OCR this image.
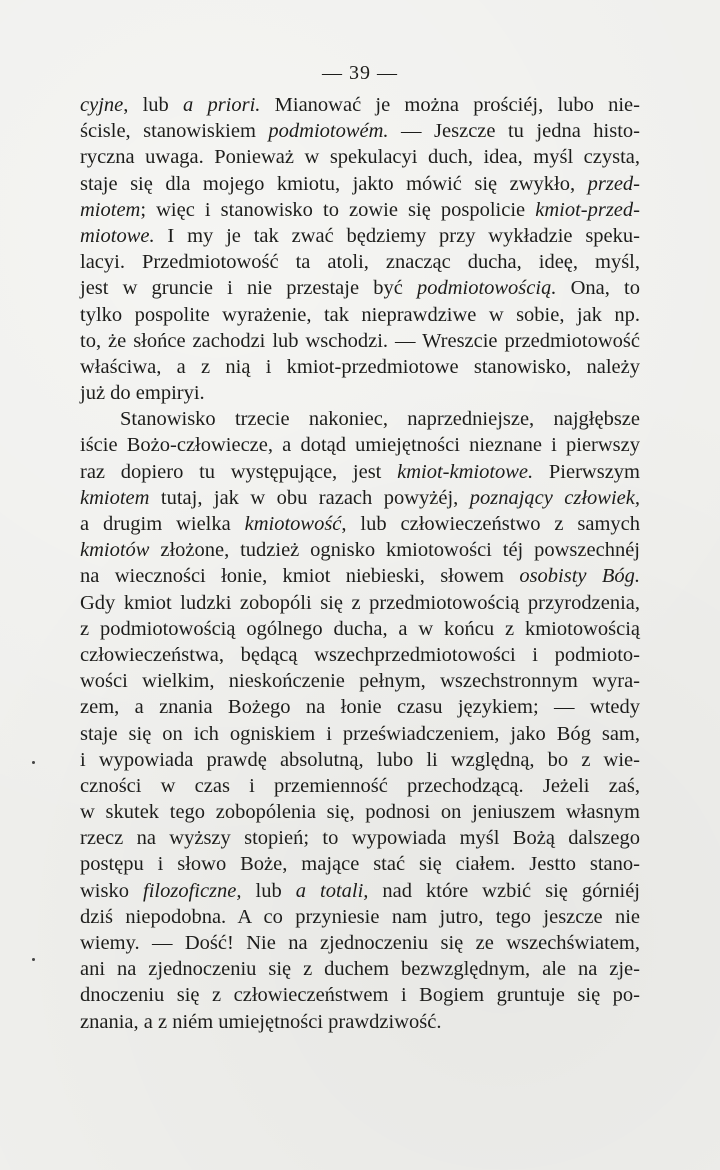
— 39 —
cyjne, lub a priori. Mianować je można prościéj, lubo nie-
ścisle, stanowiskiem podmiotowém. — Jeszcze tu jedna histo-
ryczna uwaga. Ponieważ w spekulacyi duch, idea, myśl czysta,
staje się dla mojego kmiotu, jakto mówić się zwykło, przed-
miotem; więc i stanowisko to zowie się pospolicie kmiot-przed-
miotowe. I my je tak zwać będziemy przy wykładzie speku-
lacyi. Przedmiotowość ta atoli, znacząc ducha, ideę, myśl,
jest w gruncie i nie przestaje być podmiotowością. Ona, to
tylko pospolite wyrażenie, tak nieprawdziwe w sobie, jak np.
to, że słońce zachodzi lub wschodzi. — Wreszcie przedmiotowość
właściwa, a z nią i kmiot-przedmiotowe stanowisko, należy
już do empiryi.
Stanowisko trzecie nakoniec, naprzedniejsze, najgłębsze
iście Bożo-człowiecze, a dotąd umiejętności nieznane i pierwszy
raz dopiero tu występujące, jest kmiot-kmiotowe. Pierwszym
kmiotem tutaj, jak w obu razach powyżéj, poznający człowiek,
a drugim wielka kmiotowość, lub człowieczeństwo z samych
kmiotów złożone, tudzież ognisko kmiotowości téj powszechnéj
na wieczności łonie, kmiot niebieski, słowem osobisty Bóg.
Gdy kmiot ludzki zobopóli się z przedmiotowością przyrodzenia,
z podmiotowością ogólnego ducha, a w końcu z kmiotowością
człowieczeństwa, będącą wszechprzedmiotowości i podmioto-
wości wielkim, nieskończenie pełnym, wszechstronnym wyra-
zem, a znania Bożego na łonie czasu językiem; — wtedy
staje się on ich ogniskiem i przeświadczeniem, jako Bóg sam,
i wypowiada prawdę absolutną, lubo li względną, bo z wie-
czności w czas i przemienność przechodzącą. Jeżeli zaś,
w skutek tego zobopólenia się, podnosi on jeniuszem własnym
rzecz na wyższy stopień; to wypowiada myśl Bożą dalszego
postępu i słowo Boże, mające stać się ciałem. Jestto stano-
wisko filozoficzne, lub a totali, nad które wzbić się górniéj
dziś niepodobna. A co przyniesie nam jutro, tego jeszcze nie
wiemy. — Dość! Nie na zjednoczeniu się ze wszechświatem,
ani na zjednoczeniu się z duchem bezwzględnym, ale na zje-
dnoczeniu się z człowieczeństwem i Bogiem gruntuje się po-
znania, a z niém umiejętności prawdziwość.
